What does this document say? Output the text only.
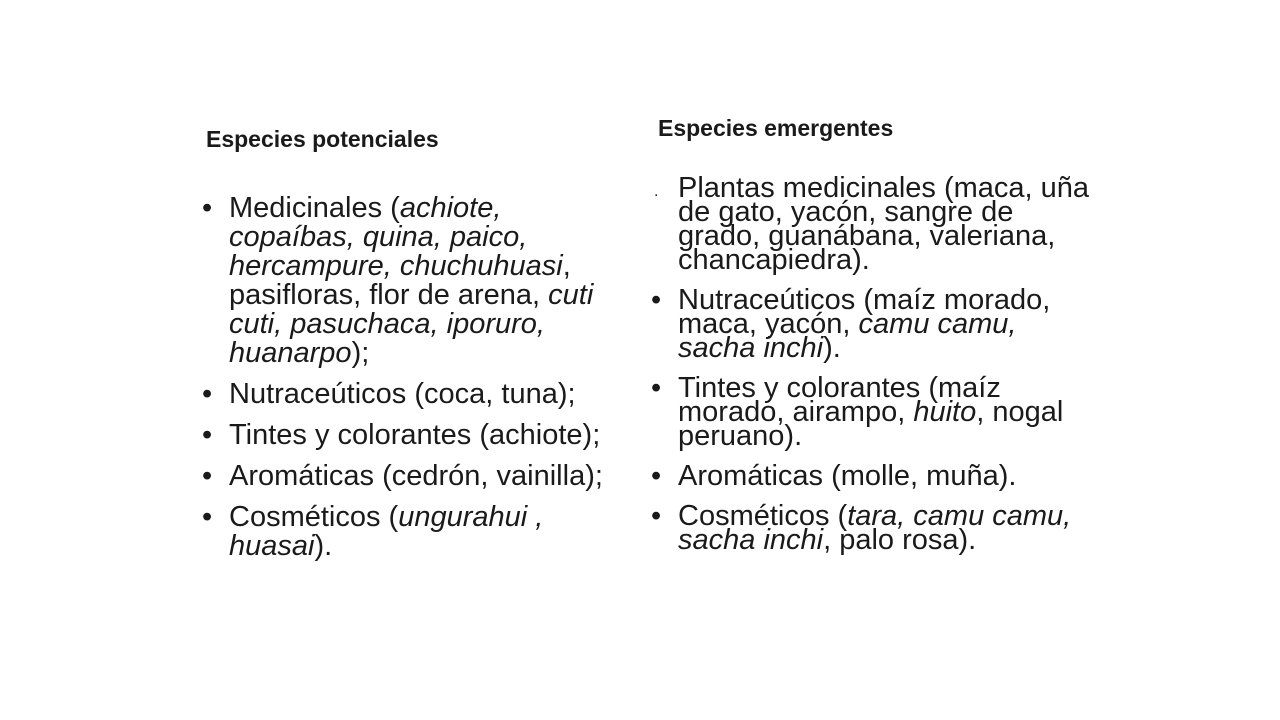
Especies potenciales	Especies emergentes
• Medicinales (achiote, copaíbas, quina, paico, hercampure, chuchuhuasi, pasifloras, flor de arena, cuti cuti, pasuchaca, iporuro, huanarpo);
• Nutraceúticos (coca, tuna);
• Tintes y colorantes (achiote);
• Aromáticas (cedrón, vainilla);
• Cosméticos (ungurahui , huasai).
. Plantas medicinales (maca, uña de gato, yacón, sangre de grado, guanábana, valeriana, chancapiedra).
• Nutraceúticos (maíz morado, maca, yacón, camu camu, sacha inchi).
• Tintes y colorantes (maíz morado, airampo, huito, nogal peruano).
• Aromáticas (molle, muña).
• Cosméticos (tara, camu camu, sacha inchi, palo rosa).
